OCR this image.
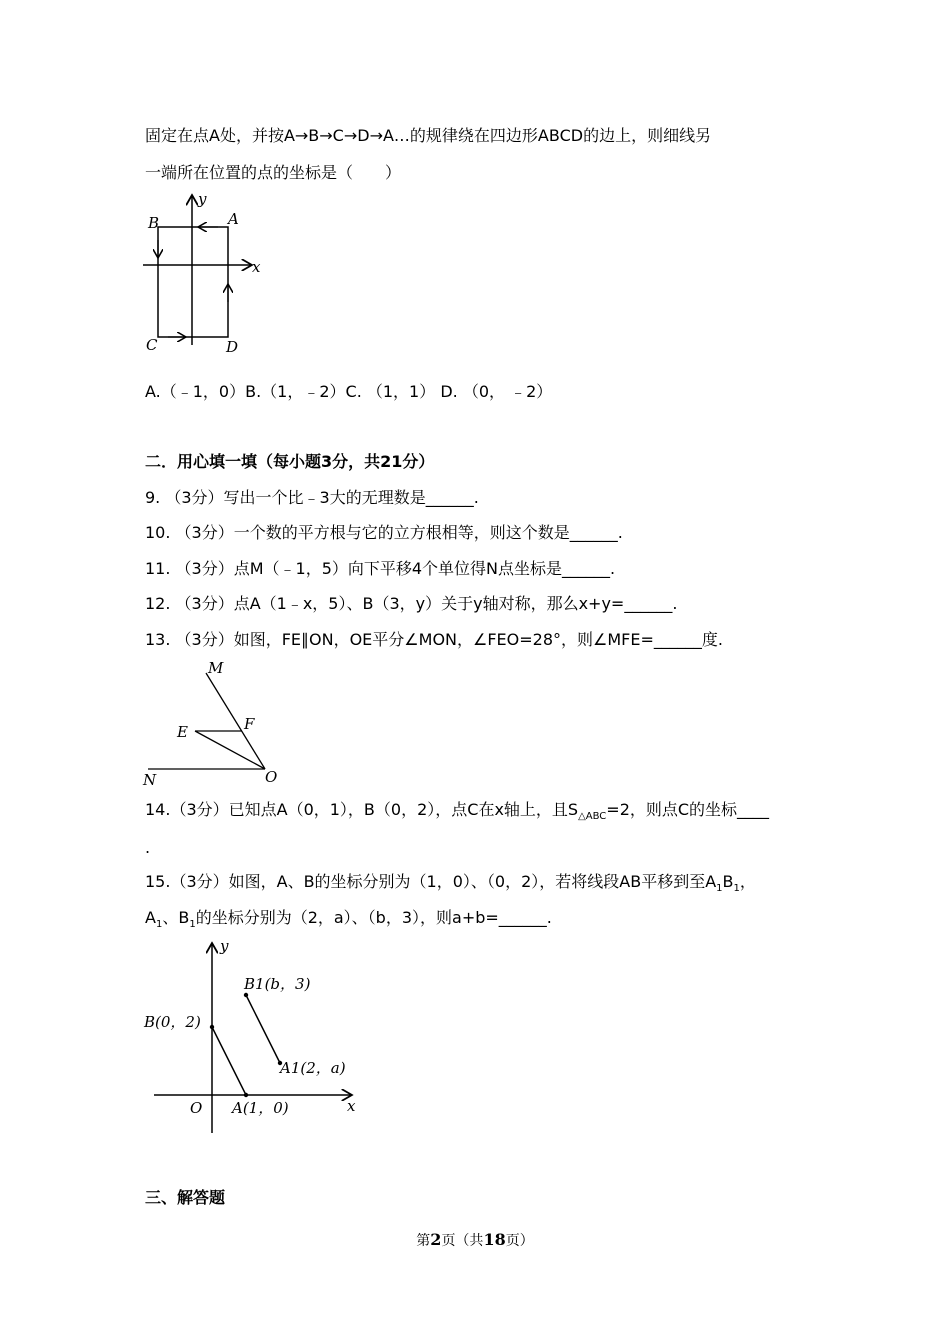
固定在点A处，并按A→B→C→D→A…的规律绕在四边形ABCD的边上，则细线另
一端所在位置的点的坐标是（　　）
y
A
B
x
C	D
A.（﹣1，0）B.（1，﹣2）C. （1，1） D. （0， ﹣2）
二．用心填一填（每小题3分，共21分）
9. （3分）写出一个比﹣3大的无理数是______.
10. （3分）一个数的平方根与它的立方根相等，则这个数是______.
11. （3分）点M（﹣1，5）向下平移4个单位得N点坐标是______.
12. （3分）点A（1﹣x，5）、B（3，y）关于y轴对称，那么x+y=______.
13. （3分）如图，FE∥ON，OE平分∠MON，∠FEO=28°，则∠MFE=______度.
M
E	F
N	O
14.（3分）已知点A（0，1），B（0，2），点C在x轴上，且$S_{\triangle ABC}=2$，则点C的坐标____
.
15.（3分）如图，A、B的坐标分别为（1，0）、（0，2），若将线段AB平移到至$A_1B_1$，
$A_1$、$B_1$的坐标分别为（2，a）、（b，3），则a+b=______.
y
x
O
B(0，2)
A(1，0)
B1(b，3)
A1(2，a)
三、解答题
第2页（共18页）
